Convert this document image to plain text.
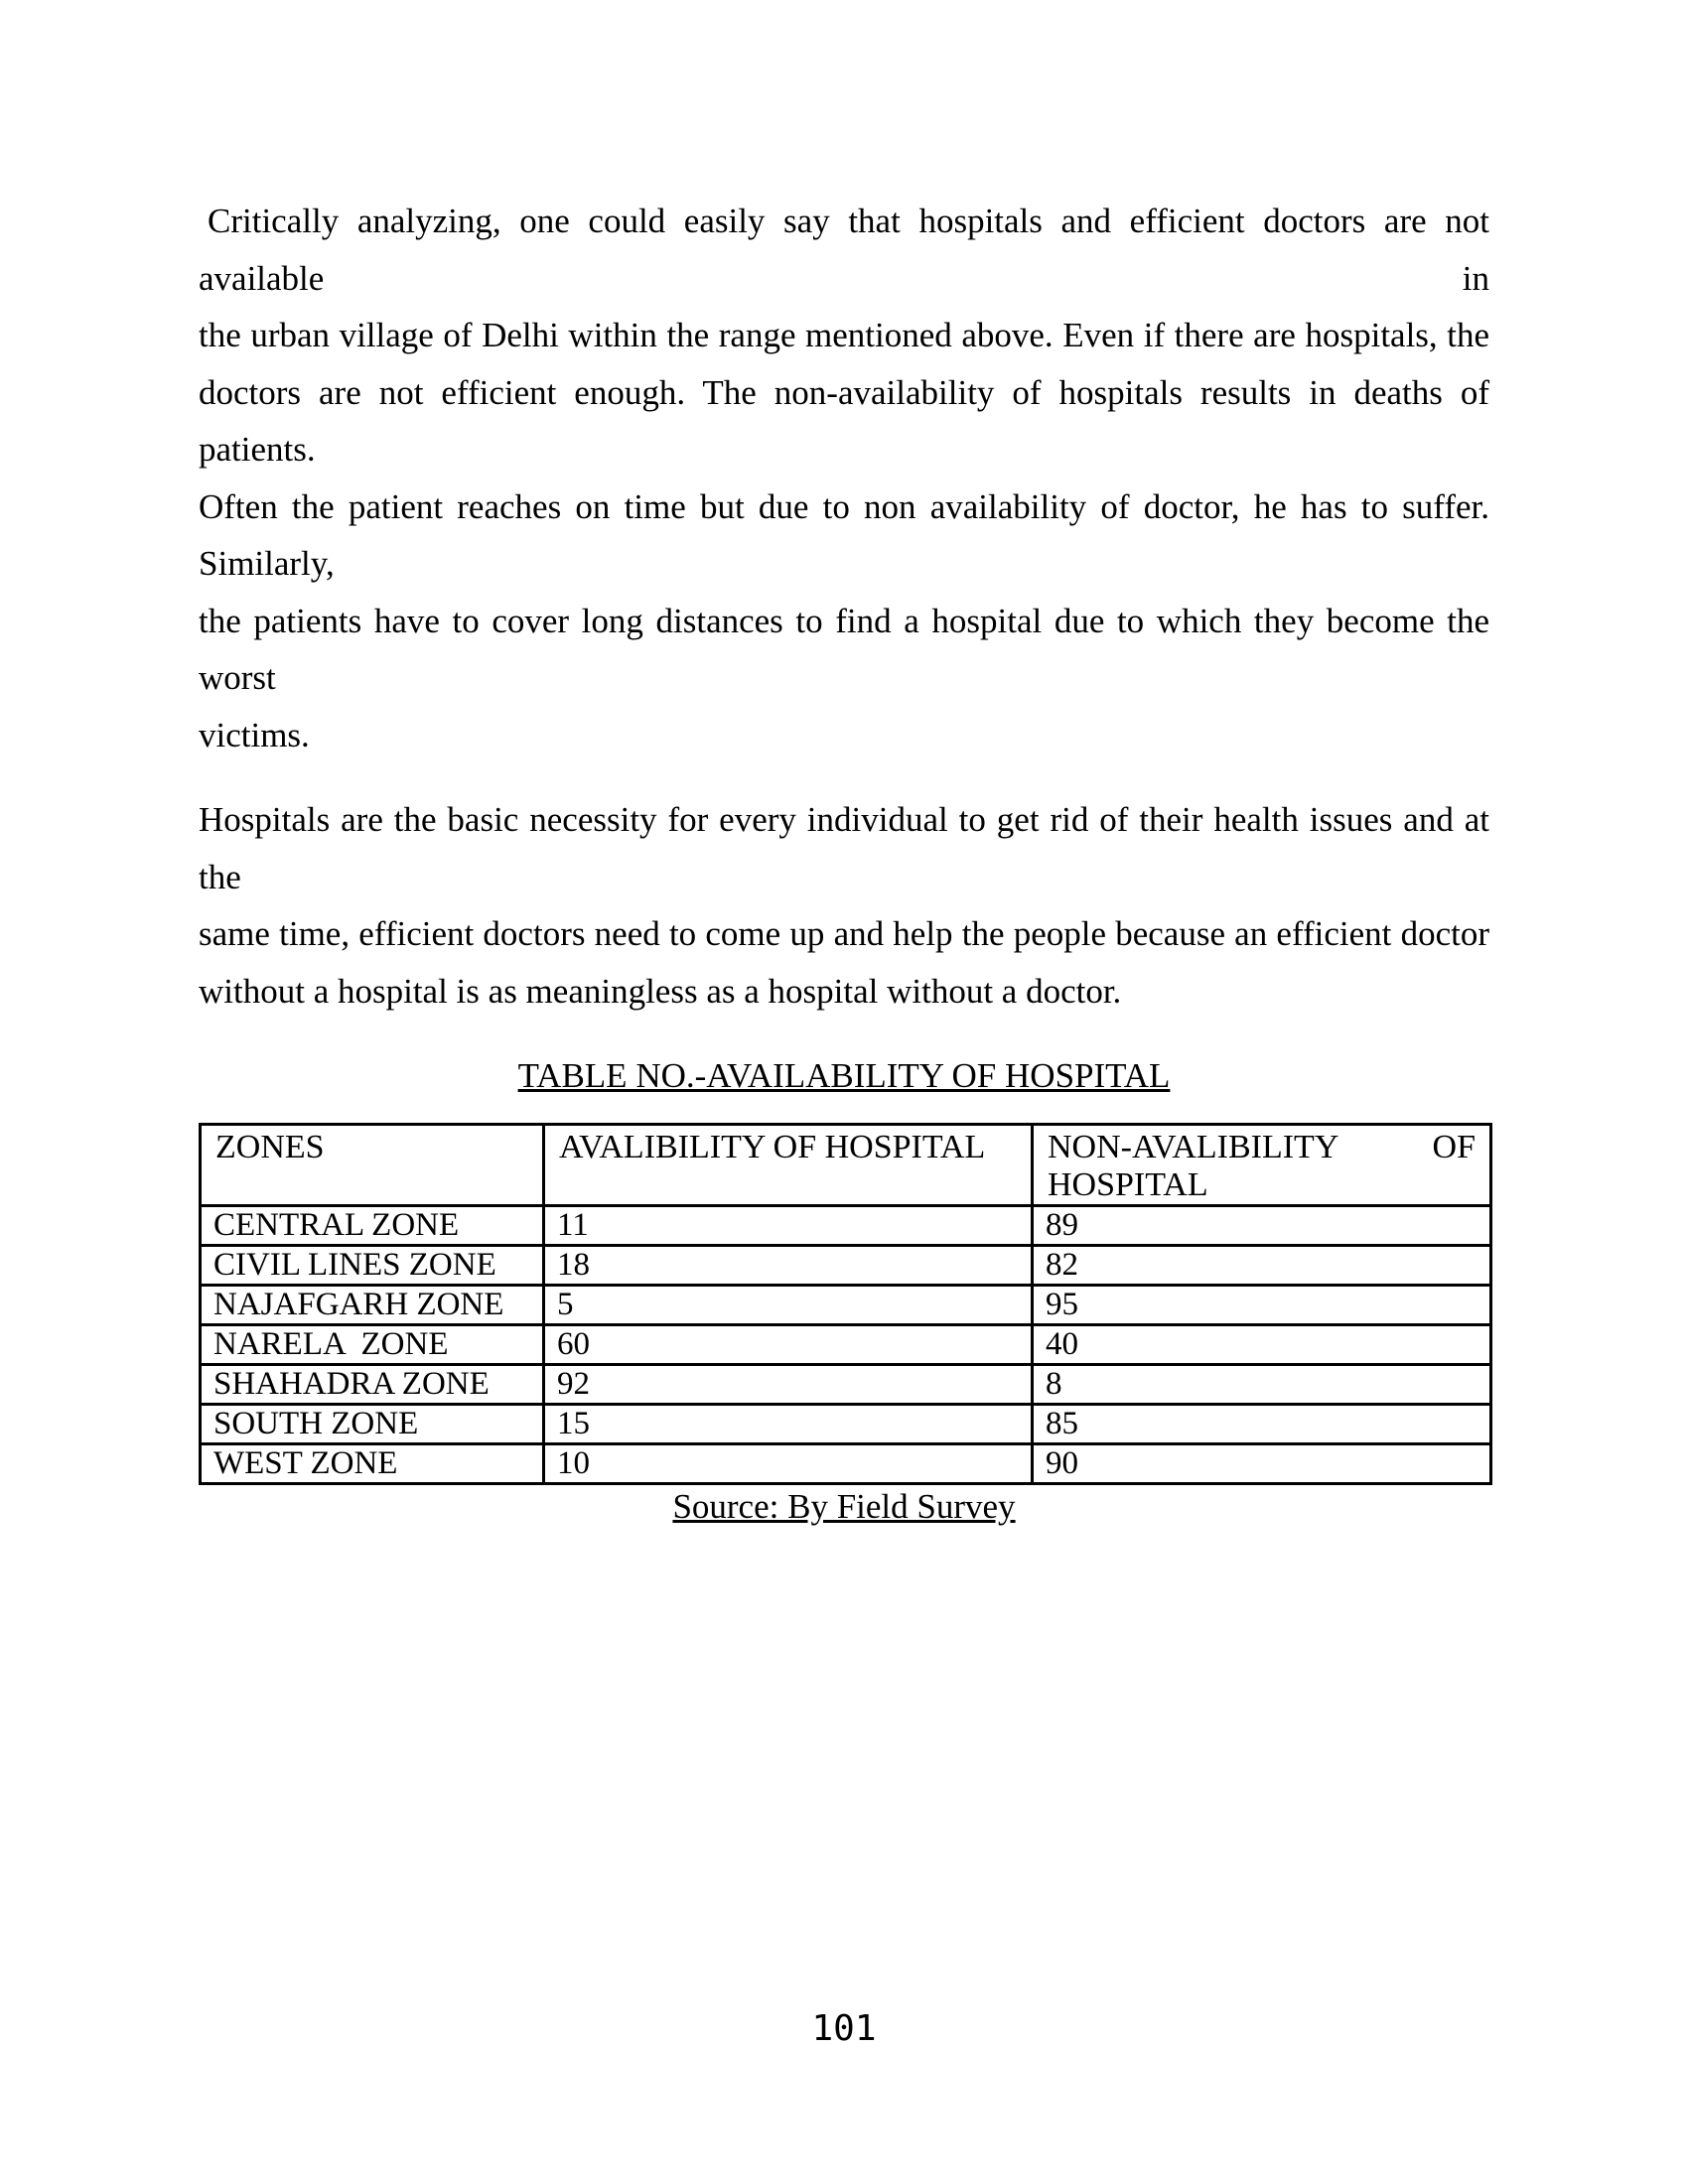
Critically analyzing, one could easily say that hospitals and efficient doctors are not available in
the urban village of Delhi within the range mentioned above. Even if there are hospitals, the
doctors are not efficient enough. The non-availability of hospitals results in deaths of patients.
Often the patient reaches on time but due to non availability of doctor, he has to suffer. Similarly,
the patients have to cover long distances to find a hospital due to which they become the worst
victims.
Hospitals are the basic necessity for every individual to get rid of their health issues and at the
same time, efficient doctors need to come up and help the people because an efficient doctor
without a hospital is as meaningless as a hospital without a doctor.
TABLE NO.-AVAILABILITY OF HOSPITAL
ZONES	AVALIBILITY OF HOSPITAL	NON-AVALIBILITY OF
HOSPITAL

CENTRAL ZONE	11	89
CIVIL LINES ZONE	18	82
NAJAFGARH ZONE	5	95
NARELA  ZONE	60	40
SHAHADRA ZONE	92	8
SOUTH ZONE	15	85
WEST ZONE	10	90
Source: By Field Survey
101
